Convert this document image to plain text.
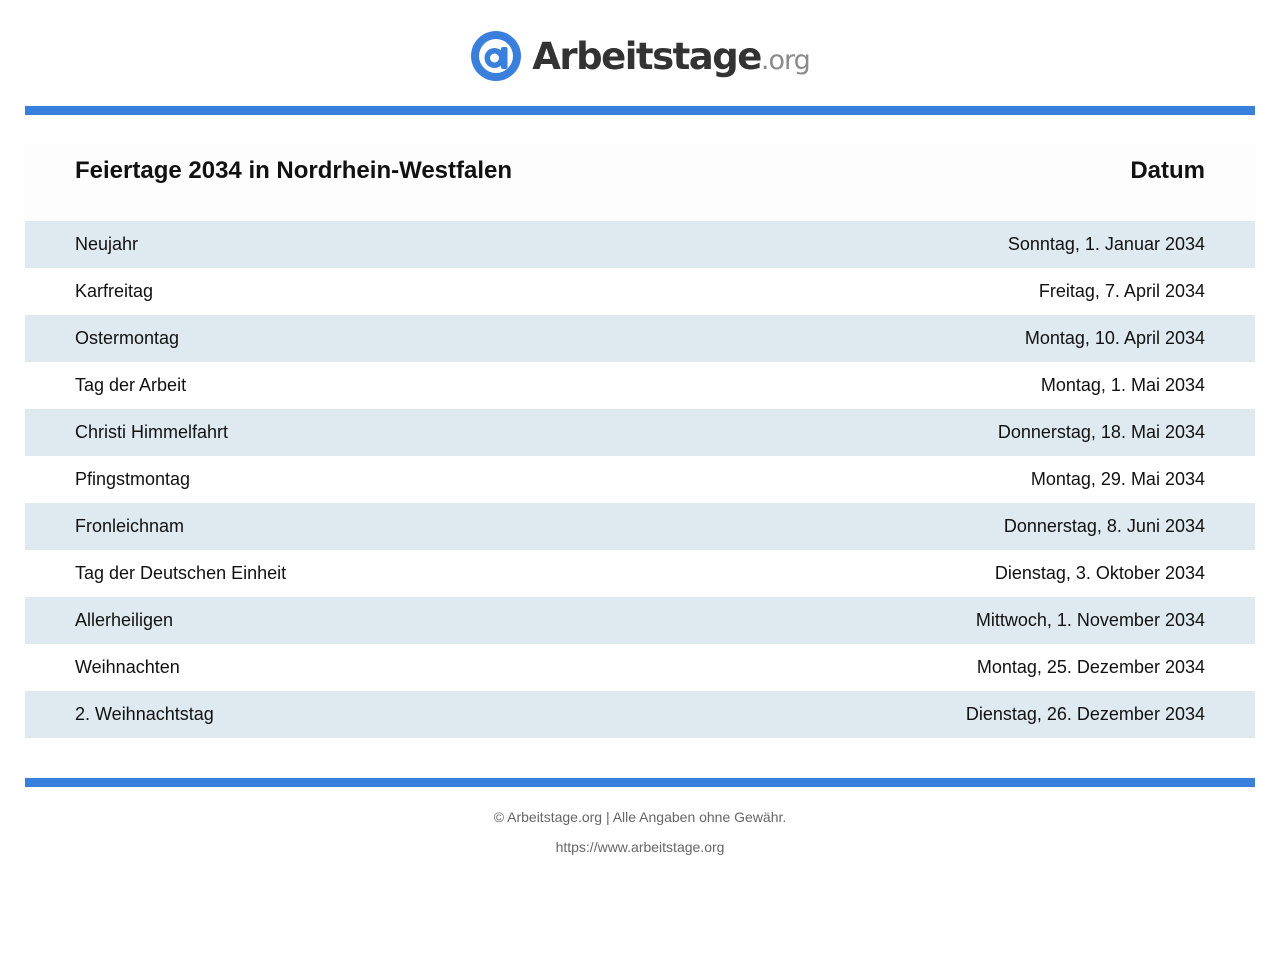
Arbeitstage .org
Feiertage 2034 in Nordrhein-Westfalen	Datum
Neujahr	Sonntag, 1. Januar 2034
Karfreitag	Freitag, 7. April 2034
Ostermontag	Montag, 10. April 2034
Tag der Arbeit	Montag, 1. Mai 2034
Christi Himmelfahrt	Donnerstag, 18. Mai 2034
Pfingstmontag	Montag, 29. Mai 2034
Fronleichnam	Donnerstag, 8. Juni 2034
Tag der Deutschen Einheit	Dienstag, 3. Oktober 2034
Allerheiligen	Mittwoch, 1. November 2034
Weihnachten	Montag, 25. Dezember 2034
2. Weihnachtstag	Dienstag, 26. Dezember 2034
© Arbeitstage.org | Alle Angaben ohne Gewähr.
https://www.arbeitstage.org
